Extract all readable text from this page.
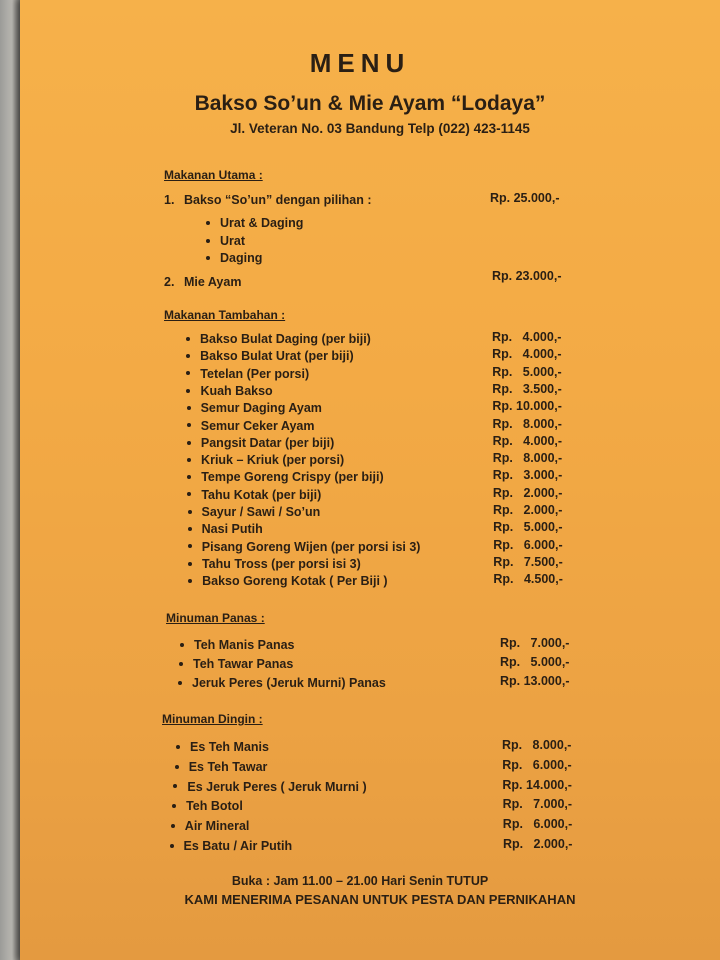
MENU
Bakso So’un & Mie Ayam “Lodaya”
Jl. Veteran No. 03 Bandung Telp (022) 423-1145
Makanan Utama :
1. Bakso “So’un” dengan pilihan :	Rp. 25.000,-
Urat & Daging
Urat
Daging
2. Mie Ayam	Rp. 23.000,-
Makanan Tambahan :
Bakso Bulat Daging (per biji)	Rp.   4.000,-
Bakso Bulat Urat (per biji)	Rp.   4.000,-
Tetelan (Per porsi)	Rp.   5.000,-
Kuah Bakso	Rp.   3.500,-
Semur Daging Ayam	Rp. 10.000,-
Semur Ceker Ayam	Rp.   8.000,-
Pangsit Datar (per biji)	Rp.   4.000,-
Kriuk – Kriuk (per porsi)	Rp.   8.000,-
Tempe Goreng Crispy (per biji)	Rp.   3.000,-
Tahu Kotak (per biji)	Rp.   2.000,-
Sayur / Sawi / So’un	Rp.   2.000,-
Nasi Putih	Rp.   5.000,-
Pisang Goreng Wijen (per porsi isi 3)	Rp.   6.000,-
Tahu Tross (per porsi isi 3)	Rp.   7.500,-
Bakso Goreng Kotak ( Per Biji )	Rp.   4.500,-
Minuman Panas :
Teh Manis Panas	Rp.   7.000,-
Teh Tawar Panas	Rp.   5.000,-
Jeruk Peres (Jeruk Murni) Panas	Rp. 13.000,-
Minuman Dingin :
Es Teh Manis	Rp.   8.000,-
Es Teh Tawar	Rp.   6.000,-
Es Jeruk Peres ( Jeruk Murni )	Rp. 14.000,-
Teh Botol	Rp.   7.000,-
Air Mineral	Rp.   6.000,-
Es Batu / Air Putih	Rp.   2.000,-
Buka : Jam 11.00 – 21.00 Hari Senin TUTUP
KAMI MENERIMA PESANAN UNTUK PESTA DAN PERNIKAHAN
